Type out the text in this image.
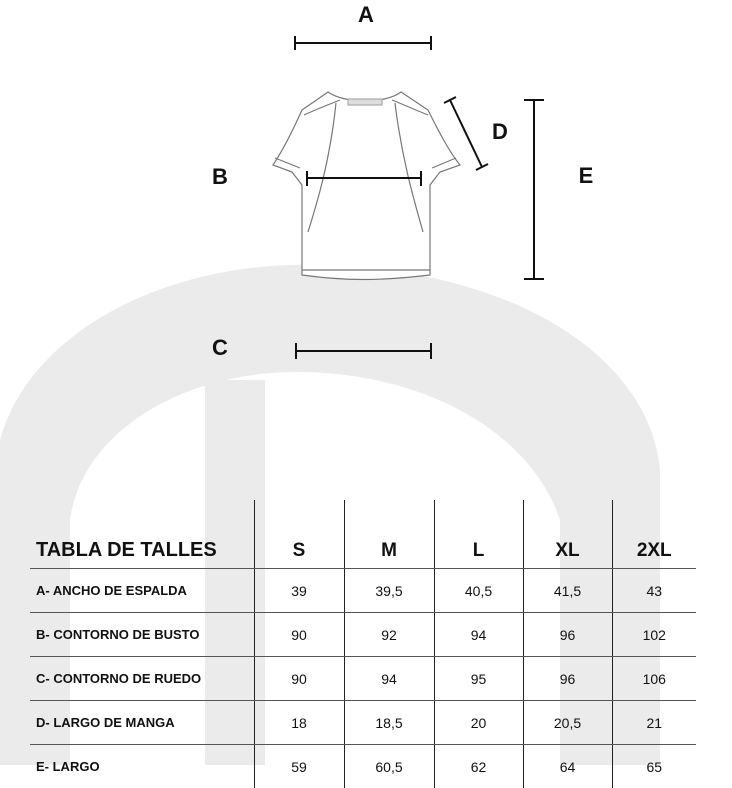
A
B
C
D
E
TABLA DE TALLES	S	M	L	XL	2XL
A- ANCHO DE ESPALDA	39	39,5	40,5	41,5	43
B- CONTORNO DE BUSTO	90	92	94	96	102
C- CONTORNO DE RUEDO	90	94	95	96	106
D- LARGO DE MANGA	18	18,5	20	20,5	21
E- LARGO	59	60,5	62	64	65
